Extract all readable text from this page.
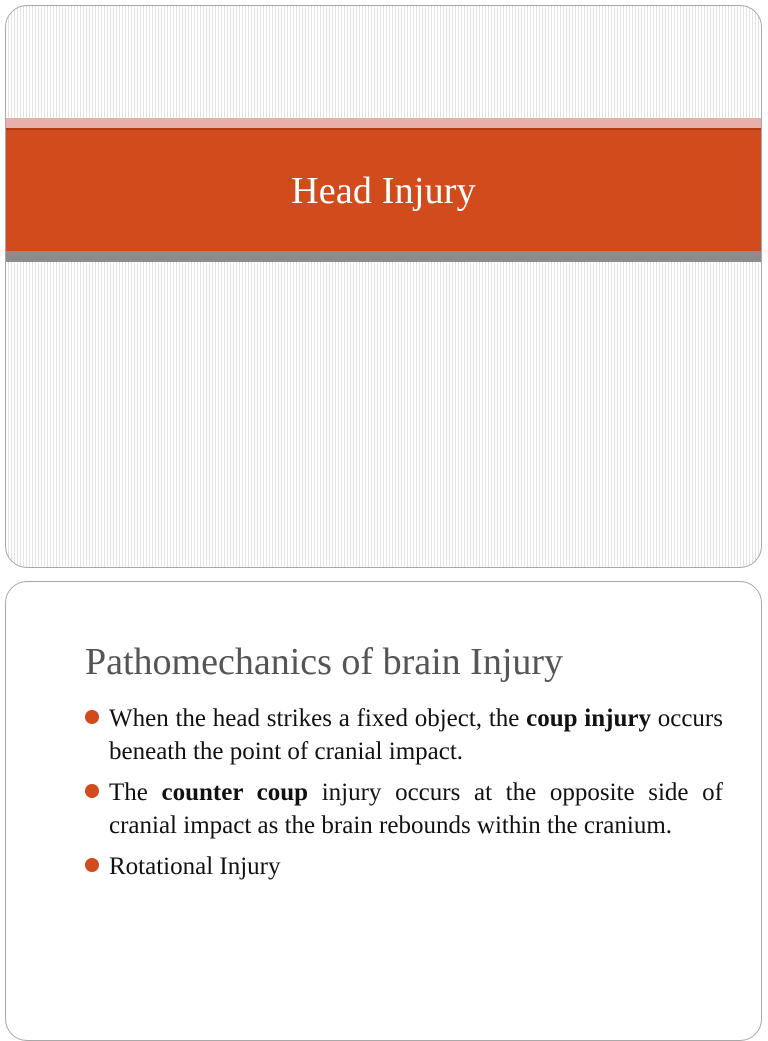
Head Injury
Pathomechanics of brain Injury
When the head strikes a fixed object, the coup injury occurs beneath the point of cranial impact.
The counter coup injury occurs at the opposite side of cranial impact as the brain rebounds within the cranium.
Rotational Injury
